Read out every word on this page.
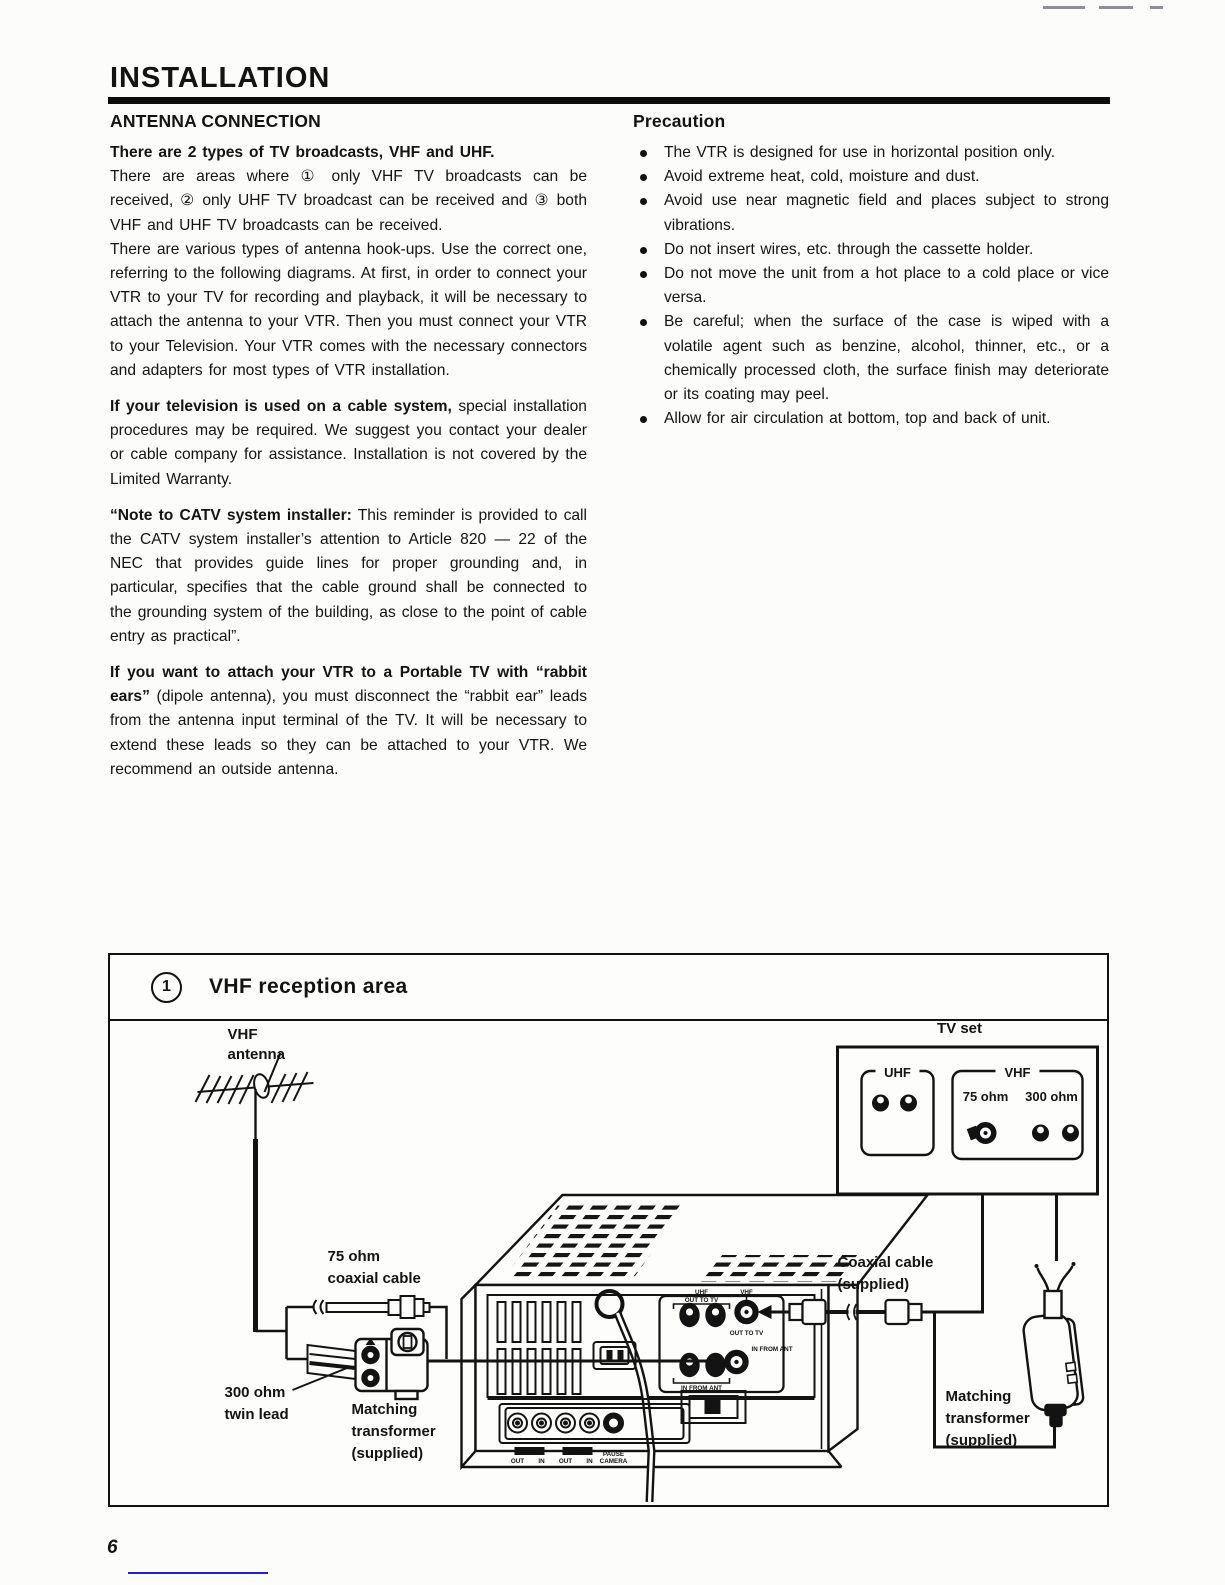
INSTALLATION
ANTENNA CONNECTION

There are 2 types of TV broadcasts, VHF and UHF.
There are areas where ① only VHF TV broadcasts can be received, ② only UHF TV broadcast can be received and ③ both VHF and UHF TV broadcasts can be received.

There are various types of antenna hook-ups. Use the correct one, referring to the following diagrams. At first, in order to connect your VTR to your TV for recording and playback, it will be necessary to attach the antenna to your VTR. Then you must connect your VTR to your Television. Your VTR comes with the necessary connectors and adapters for most types of VTR installation.

If your television is used on a cable system, special installation procedures may be required. We suggest you contact your dealer or cable company for assistance. Installation is not covered by the Limited Warranty.

“Note to CATV system installer: This reminder is provided to call the CATV system installer’s attention to Article 820 — 22 of the NEC that provides guide lines for proper grounding and, in particular, specifies that the cable ground shall be connected to the grounding system of the building, as close to the point of cable entry as practical”.

If you want to attach your VTR to a Portable TV with “rabbit ears” (dipole antenna), you must disconnect the “rabbit ear” leads from the antenna input terminal of the TV. It will be necessary to extend these leads so they can be attached to your VTR. We recommend an outside antenna.

Precaution
The VTR is designed for use in horizontal position only.
Avoid extreme heat, cold, moisture and dust.
Avoid use near magnetic field and places subject to strong vibrations.
Do not insert wires, etc. through the cassette holder.
Do not move the unit from a hot place to a cold place or vice versa.
Be careful; when the surface of the case is wiped with a volatile agent such as benzine, alcohol, thinner, etc., or a chemically processed cloth, the surface finish may deteriorate or its coating may peel.
Allow for air circulation at bottom, top and back of unit.
1	VHF reception area
VHF
antenna
75 ohm
coaxial cable
300 ohm
twin lead	Matching
transformer
(supplied)
UHF
OUT TO TV
VHF
OUT TO TV
IN FROM ANT
IN FROM ANT
VIDEO	AUDIO
OUT IN OUT IN
PAUSE
CAMERA
Coaxial cable
(supplied)
Matching
transformer
(supplied)
TV set
UHF	VHF
75 ohm 300 ohm
6
